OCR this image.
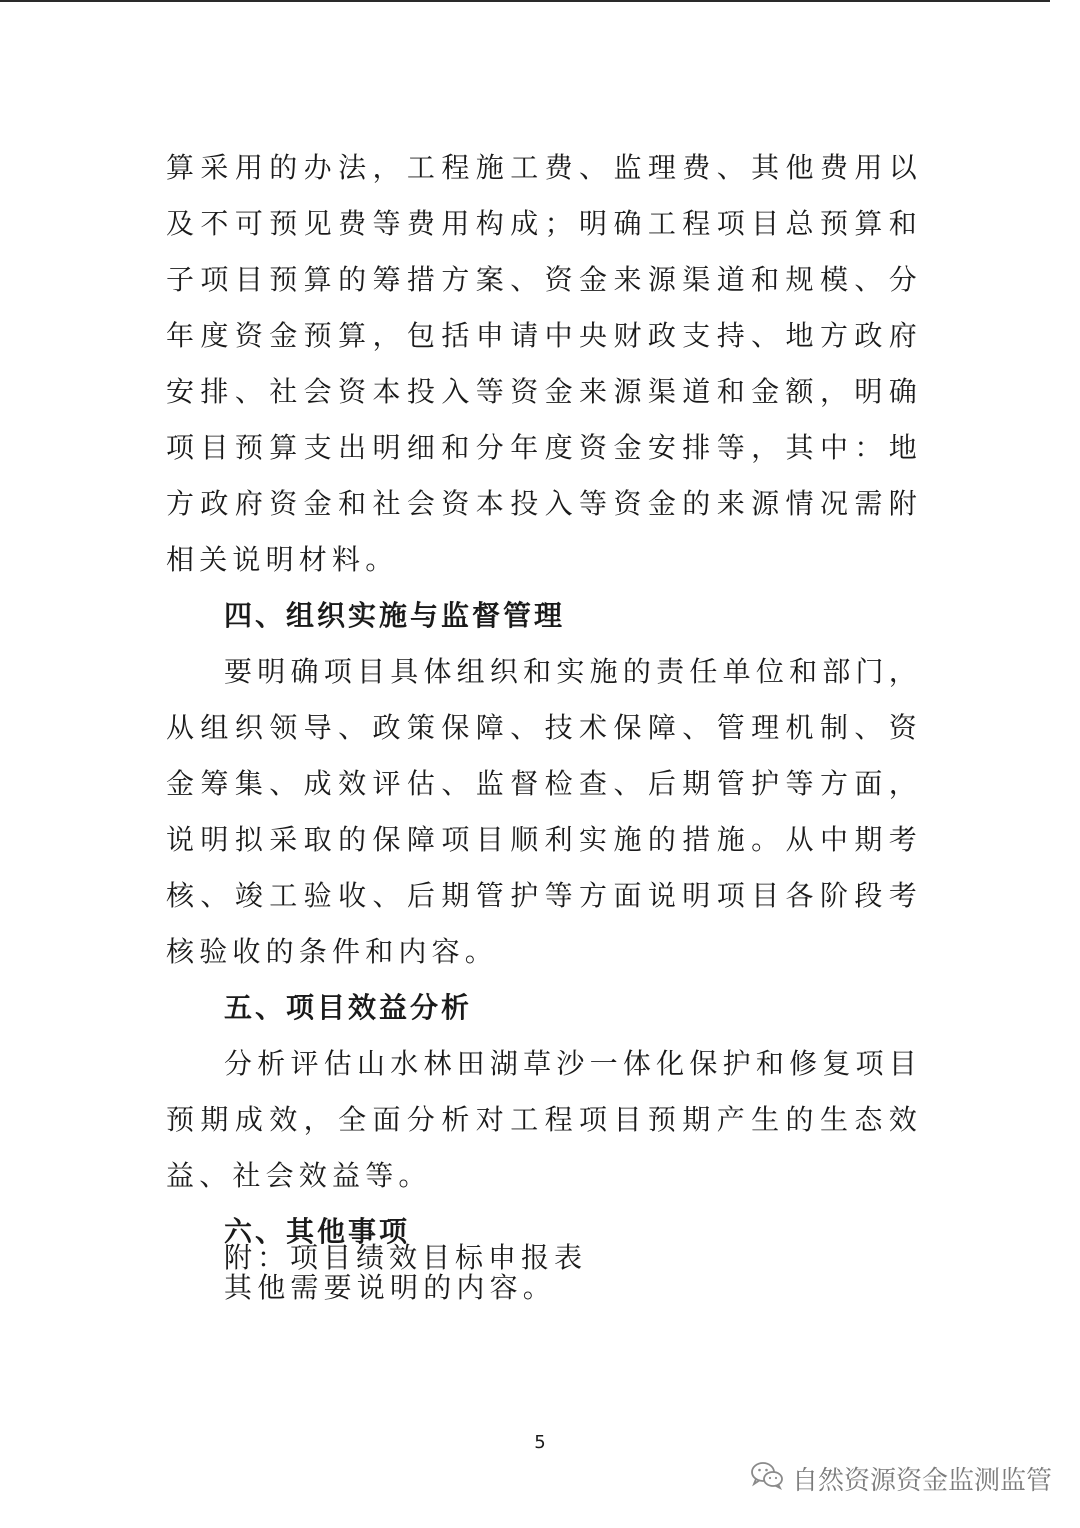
算采用的办法，工程施工费、监理费、其他费用以及不可预见费等费用构成；明确工程项目总预算和子项目预算的筹措方案、资金来源渠道和规模、分年度资金预算，包括申请中央财政支持、地方政府安排、社会资本投入等资金来源渠道和金额，明确项目预算支出明细和分年度资金安排等，其中：地方政府资金和社会资本投入等资金的来源情况需附相关说明材料。

四、组织实施与监督管理

要明确项目具体组织和实施的责任单位和部门，从组织领导、政策保障、技术保障、管理机制、资金筹集、成效评估、监督检查、后期管护等方面，说明拟采取的保障项目顺利实施的措施。从中期考核、竣工验收、后期管护等方面说明项目各阶段考核验收的条件和内容。

五、项目效益分析

分析评估山水林田湖草沙一体化保护和修复项目预期成效，全面分析对工程项目预期产生的生态效益、社会效益等。

六、其他事项

其他需要说明的内容。

附：项目绩效目标申报表
5
自然资源资金监测监管
